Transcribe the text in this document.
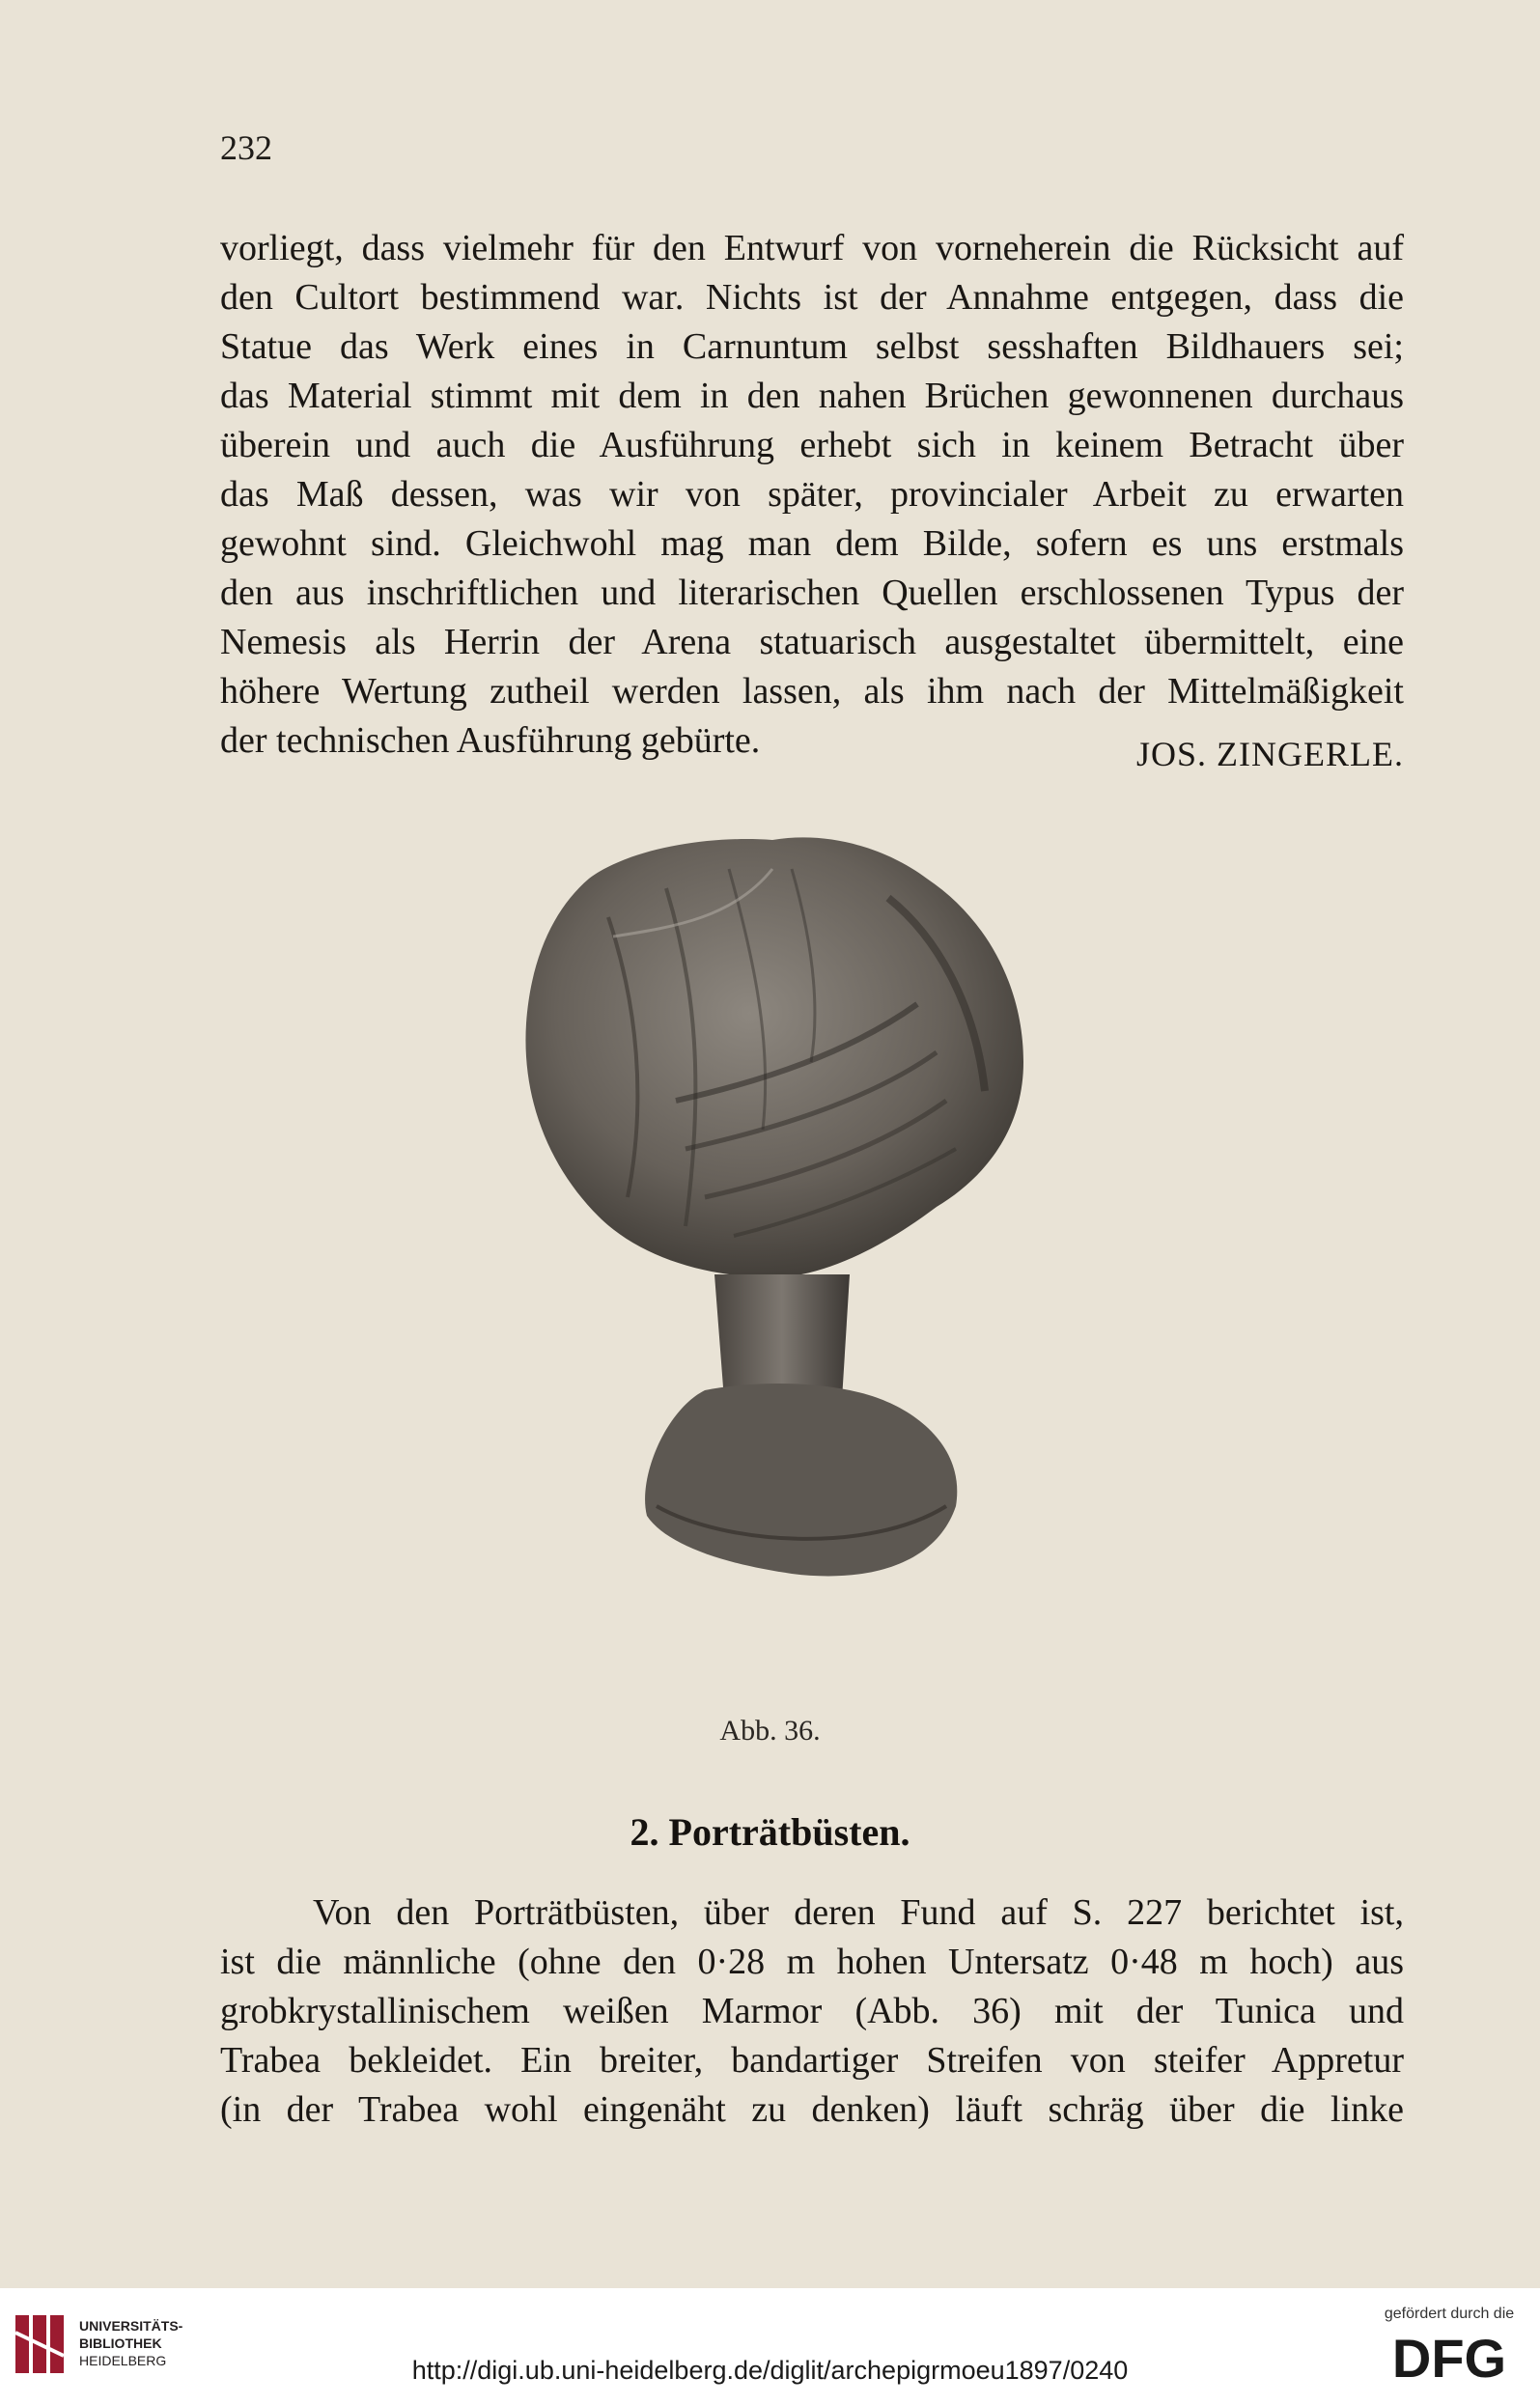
232
vorliegt, dass vielmehr für den Entwurf von vorneherein die Rücksicht auf
den Cultort bestimmend war. Nichts ist der Annahme entgegen, dass die
Statue das Werk eines in Carnuntum selbst sesshaften Bildhauers sei;
das Material stimmt mit dem in den nahen Brüchen gewonnenen durchaus
überein und auch die Ausführung erhebt sich in keinem Betracht über
das Maß dessen, was wir von später, provincialer Arbeit zu erwarten
gewohnt sind. Gleichwohl mag man dem Bilde, sofern es uns erstmals
den aus inschriftlichen und literarischen Quellen erschlossenen Typus der
Nemesis als Herrin der Arena statuarisch ausgestaltet übermittelt, eine
höhere Wertung zutheil werden lassen, als ihm nach der Mittelmäßigkeit
der technischen Ausführung gebürte.	JOS. ZINGERLE.
Abb. 36.
2. Porträtbüsten.
Von den Porträtbüsten, über deren Fund auf S. 227 berichtet ist,
ist die männliche (ohne den 0·28 m hohen Untersatz 0·48 m hoch) aus
grobkrystallinischem weißen Marmor (Abb. 36) mit der Tunica und
Trabea bekleidet. Ein breiter, bandartiger Streifen von steifer Appretur
(in der Trabea wohl eingenäht zu denken) läuft schräg über die linke
UNIVERSITÄTS-
BIBLIOTHEK
HEIDELBERG	http://digi.ub.uni-heidelberg.de/diglit/archepigrmoeu1897/0240
gefördert durch die
DFG
